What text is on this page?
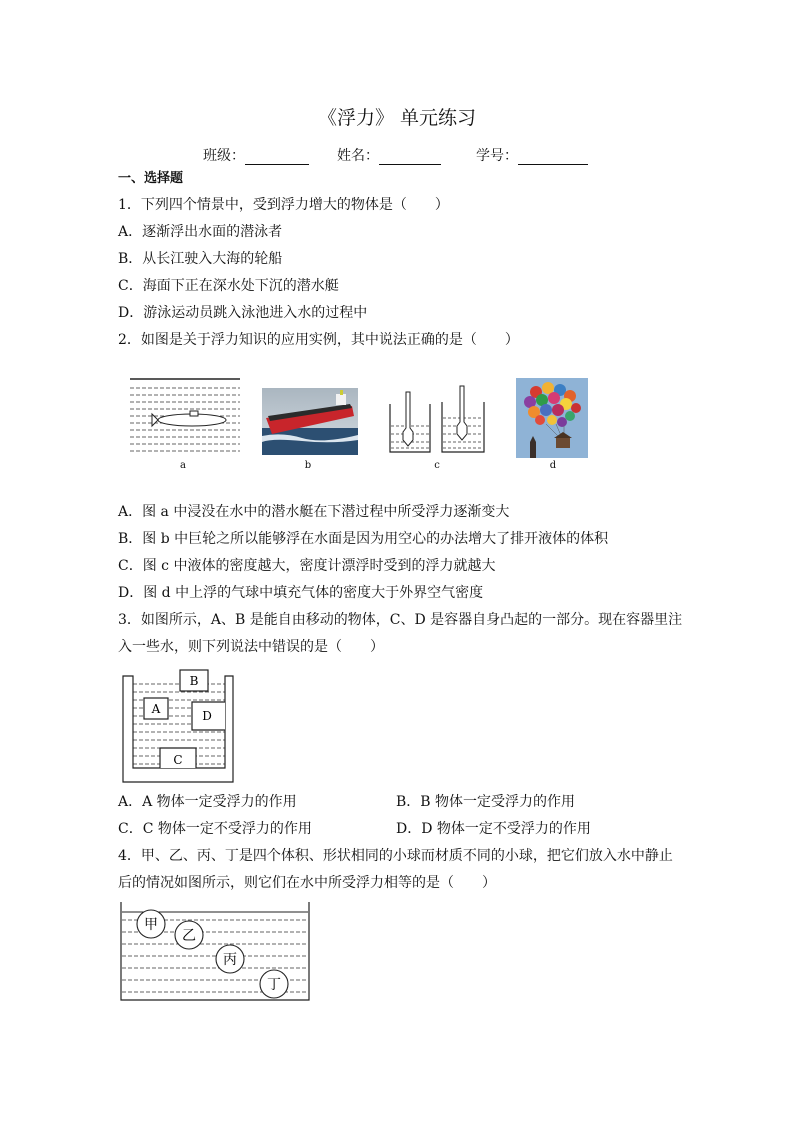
《浮力》 单元练习
班级：	姓名：	学号：
一、选择题
1．下列四个情景中，受到浮力增大的物体是（　　）
A．逐渐浮出水面的潜泳者
B．从长江驶入大海的轮船
C．海面下正在深水处下沉的潜水艇
D．游泳运动员跳入泳池进入水的过程中
2．如图是关于浮力知识的应用实例，其中说法正确的是（　　）
a	b	c	d
A．图 a 中浸没在水中的潜水艇在下潜过程中所受浮力逐渐变大
B．图 b 中巨轮之所以能够浮在水面是因为用空心的办法增大了排开液体的体积
C．图 c 中液体的密度越大，密度计漂浮时受到的浮力就越大
D．图 d 中上浮的气球中填充气体的密度大于外界空气密度
3．如图所示，A、B 是能自由移动的物体，C、D 是容器自身凸起的一部分。现在容器里注
入一些水，则下列说法中错误的是（　　）
A
B
C
D
A．A 物体一定受浮力的作用	B．B 物体一定受浮力的作用
C．C 物体一定不受浮力的作用	D．D 物体一定不受浮力的作用
4．甲、乙、丙、丁是四个体积、形状相同的小球而材质不同的小球，把它们放入水中静止
后的情况如图所示，则它们在水中所受浮力相等的是（　　）
甲
乙
丙
丁
